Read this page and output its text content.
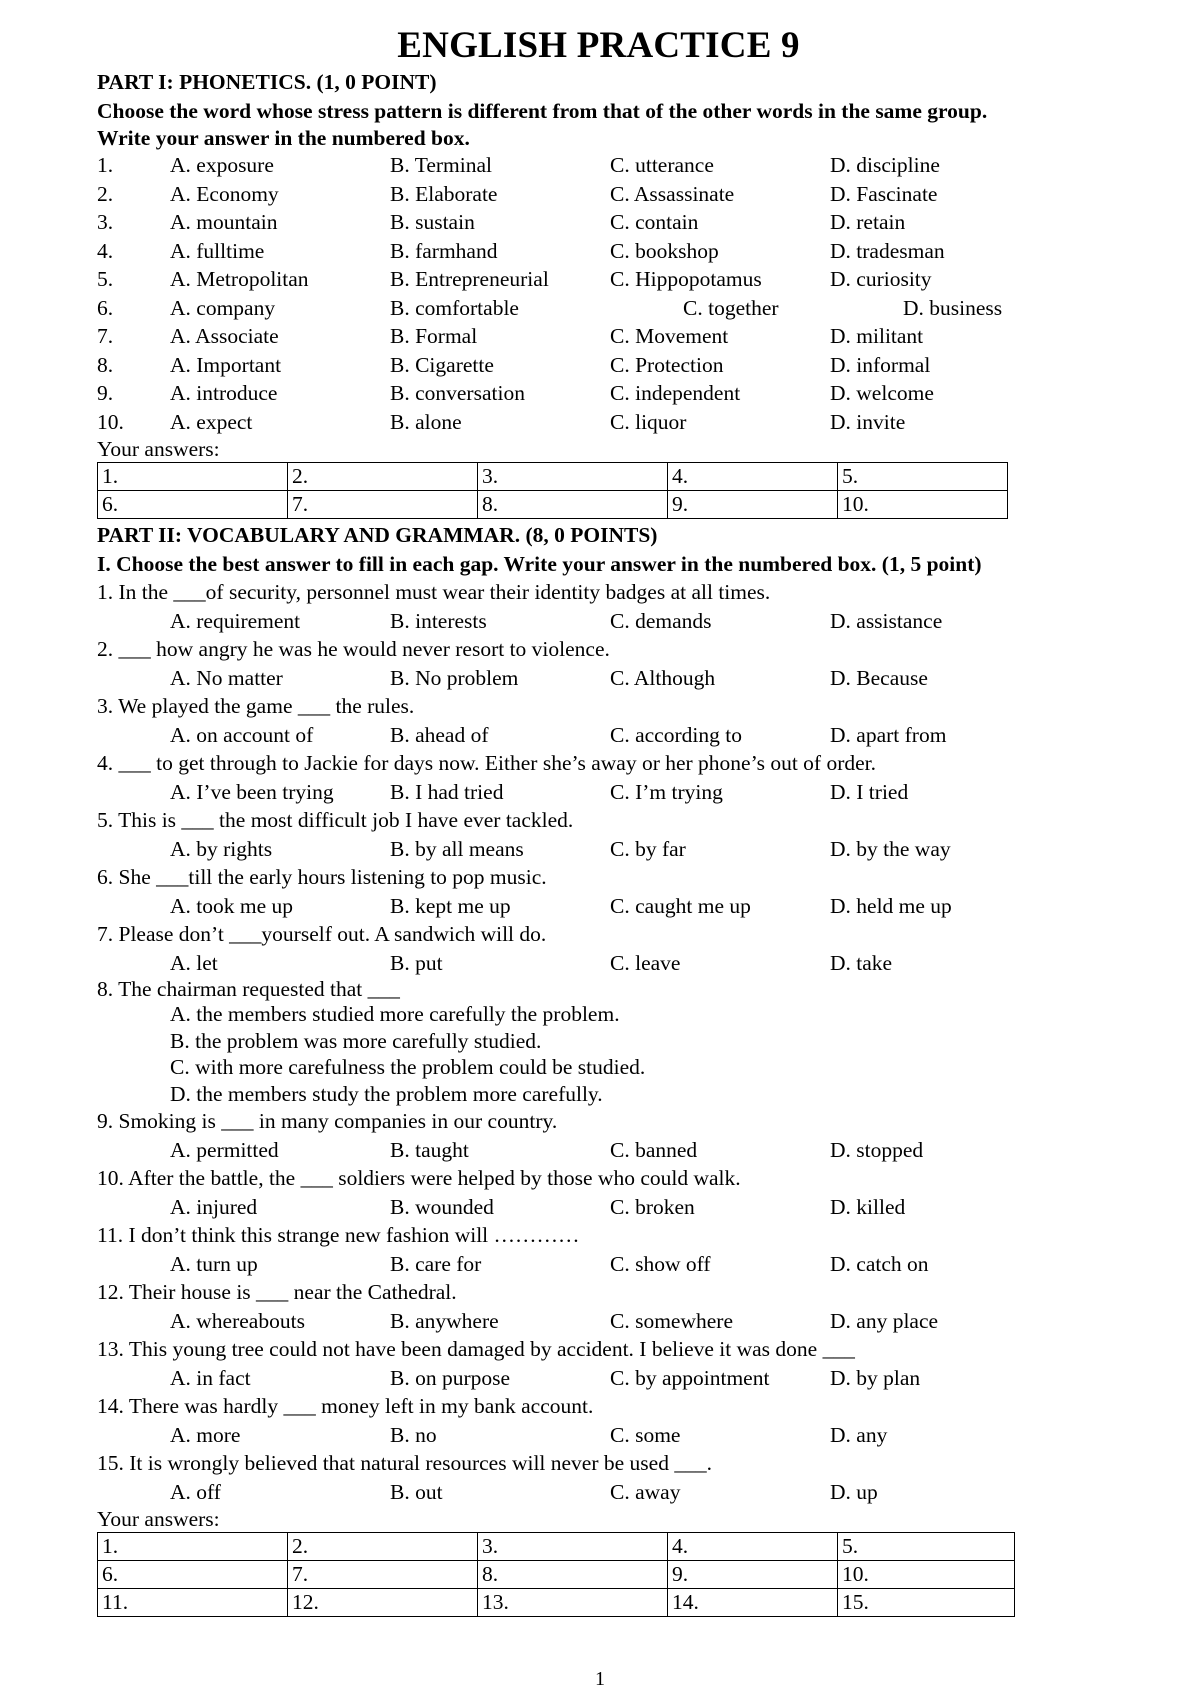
ENGLISH PRACTICE 9
PART I: PHONETICS. (1, 0 POINT)
Choose the word whose stress pattern is different from that of the other words in the same group.
Write your answer in the numbered box.
1.	A. exposure	B. Terminal	C. utterance	D. discipline
2.	A. Economy	B. Elaborate	C. Assassinate	D. Fascinate
3.	A. mountain	B. sustain	C. contain	D. retain
4.	A. fulltime	B. farmhand	C. bookshop	D. tradesman
5.	A. Metropolitan	B. Entrepreneurial	C. Hippopotamus	D. curiosity
6.	A. company	B. comfortable	C. together	D. business
7.	A. Associate	B. Formal	C. Movement	D. militant
8.	A. Important	B. Cigarette	C. Protection	D. informal
9.	A. introduce	B. conversation	C. independent	D. welcome
10. A. expect	B. alone	C. liquor	D. invite
Your answers:
1.	2.	3.	4.	5.
6.	7.	8.	9.	10.
PART II: VOCABULARY AND GRAMMAR. (8, 0 POINTS)
I. Choose the best answer to fill in each gap. Write your answer in the numbered box. (1, 5 point)
1. In the ___of security, personnel must wear their identity badges at all times.
A. requirement	B. interests	C. demands	D. assistance
2. ___ how angry he was he would never resort to violence.
A. No matter	B. No problem	C. Although	D. Because
3. We played the game ___ the rules.
A. on account of	B. ahead of	C. according to	D. apart from
4. ___ to get through to Jackie for days now. Either she’s away or her phone’s out of order.
A. I’ve been trying	B. I had tried	C. I’m trying	D. I tried
5. This is ___ the most difficult job I have ever tackled.
A. by rights	B. by all means	C. by far	D. by the way
6. She ___till the early hours listening to pop music.
A. took me up	B. kept me up	C. caught me up	D. held me up
7. Please don’t ___yourself out. A sandwich will do.
A. let	B. put	C. leave	D. take
8. The chairman requested that ___
A. the members studied more carefully the problem.
B. the problem was more carefully studied.
C. with more carefulness the problem could be studied.
D. the members study the problem more carefully.
9. Smoking is ___ in many companies in our country.
A. permitted	B. taught	C. banned	D. stopped
10. After the battle, the ___ soldiers were helped by those who could walk.
A. injured	B. wounded	C. broken	D. killed
11. I don’t think this strange new fashion will …………
A. turn up	B. care for	C. show off	D. catch on
12. Their house is ___ near the Cathedral.
A. whereabouts	B. anywhere	C. somewhere	D. any place
13. This young tree could not have been damaged by accident. I believe it was done ___
A. in fact	B. on purpose	C. by appointment	D. by plan
14. There was hardly ___ money left in my bank account.
A. more	B. no	C. some	D. any
15. It is wrongly believed that natural resources will never be used ___.
A. off	B. out	C. away	D. up
Your answers:
1.	2.	3.	4.	5.
6.	7.	8.	9.	10.
11.	12.	13.	14.	15.
1
